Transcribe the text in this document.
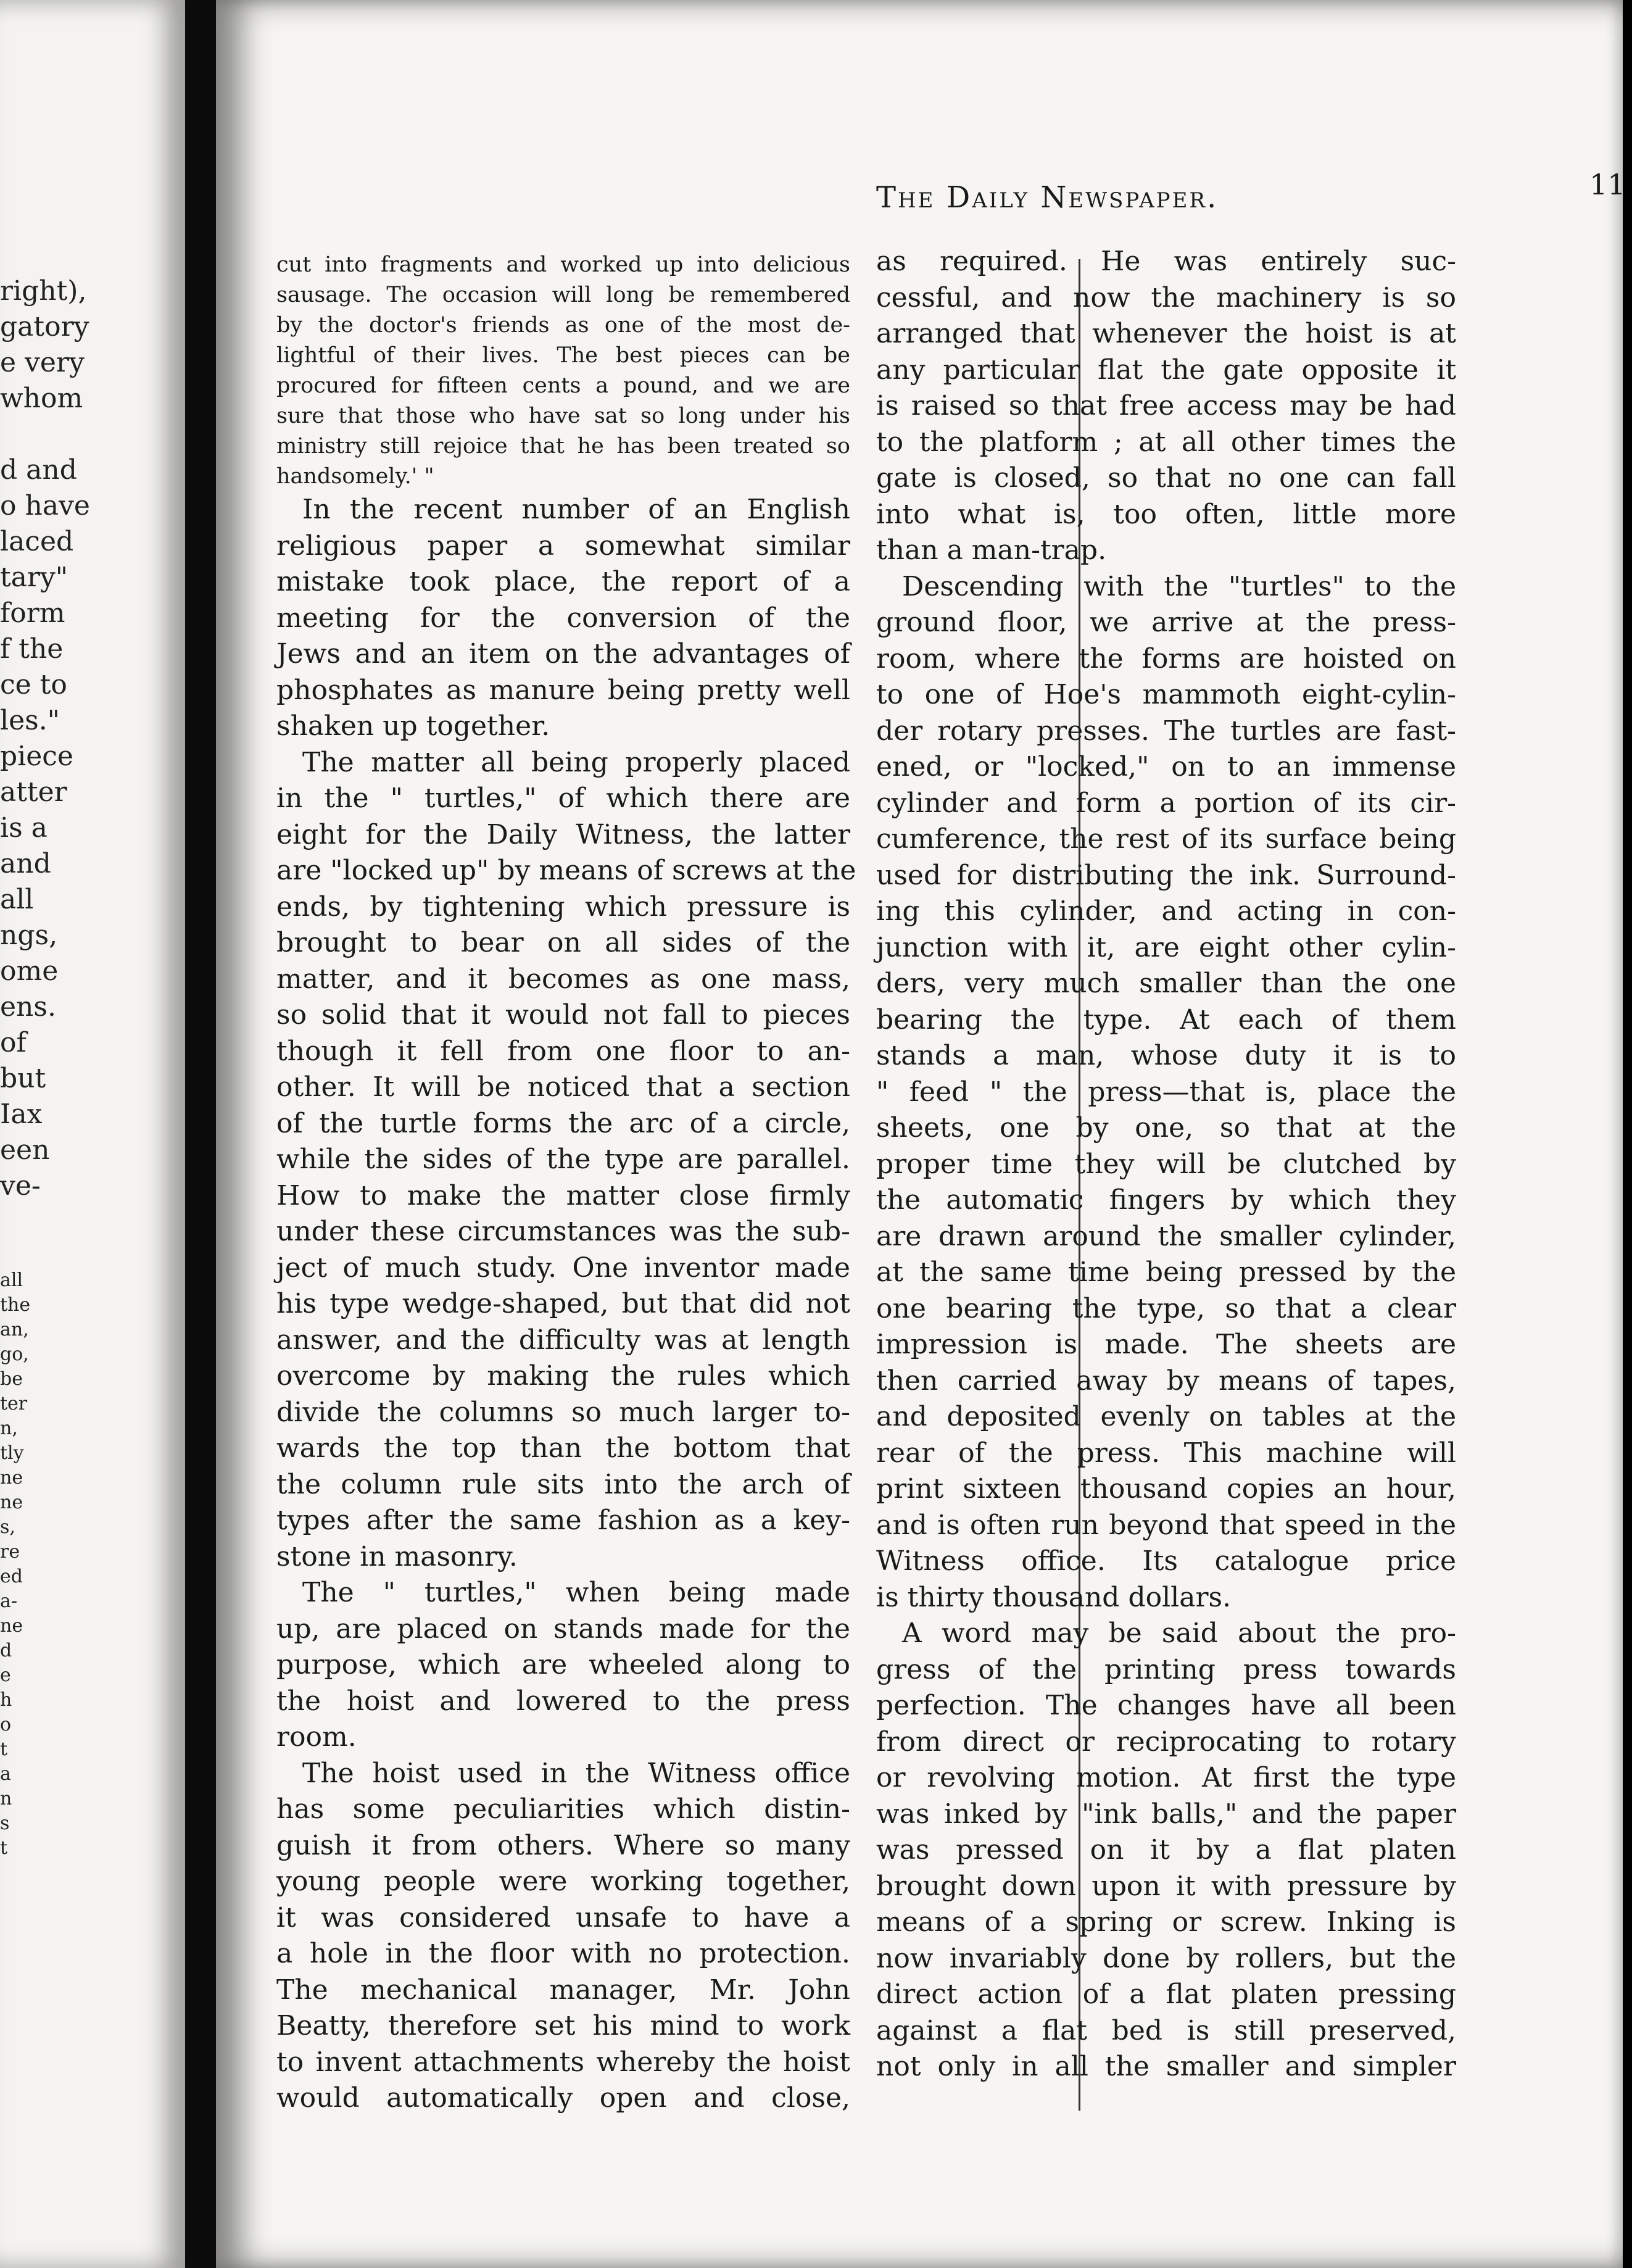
right),
gatory
e very
whom
d and
o have
laced
tary"
form
f the
ce to
les."
piece
atter
is a
and
all
ngs,
ome
ens.
of
but
Iax
een
ve-
all
the
an,
go,
be
ter
n,
tly
ne
ne
s,
re
ed
a-
ne
d
e
h
o
t
a
n
s
t
The Daily Newspaper.	11
cut into fragments and worked up into delicious
sausage. The occasion will long be remembered
by the doctor's friends as one of the most de-
lightful of their lives. The best pieces can be
procured for fifteen cents a pound, and we are
sure that those who have sat so long under his
ministry still rejoice that he has been treated so
handsomely.' "
In the recent number of an English
religious paper a somewhat similar
mistake took place, the report of a
meeting for the conversion of the
Jews and an item on the advantages of
phosphates as manure being pretty well
shaken up together.
The matter all being properly placed
in the " turtles," of which there are
eight for the Daily Witness, the latter
are "locked up" by means of screws at the
ends, by tightening which pressure is
brought to bear on all sides of the
matter, and it becomes as one mass,
so solid that it would not fall to pieces
though it fell from one floor to an-
other. It will be noticed that a section
of the turtle forms the arc of a circle,
while the sides of the type are parallel.
How to make the matter close firmly
under these circumstances was the sub-
ject of much study. One inventor made
his type wedge-shaped, but that did not
answer, and the difficulty was at length
overcome by making the rules which
divide the columns so much larger to-
wards the top than the bottom that
the column rule sits into the arch of
types after the same fashion as a key-
stone in masonry.
The " turtles," when being made
up, are placed on stands made for the
purpose, which are wheeled along to
the hoist and lowered to the press
room.
The hoist used in the Witness office
has some peculiarities which distin-
guish it from others. Where so many
young people were working together,
it was considered unsafe to have a
a hole in the floor with no protection.
The mechanical manager, Mr. John
Beatty, therefore set his mind to work
to invent attachments whereby the hoist
would automatically open and close,
as required. He was entirely suc-
cessful, and now the machinery is so
arranged that whenever the hoist is at
any particular flat the gate opposite it
is raised so that free access may be had
to the platform ; at all other times the
gate is closed, so that no one can fall
into what is, too often, little more
than a man-trap.
Descending with the "turtles" to the
ground floor, we arrive at the press-
room, where the forms are hoisted on
to one of Hoe's mammoth eight-cylin-
der rotary presses. The turtles are fast-
ened, or "locked," on to an immense
cylinder and form a portion of its cir-
cumference, the rest of its surface being
used for distributing the ink. Surround-
ing this cylinder, and acting in con-
junction with it, are eight other cylin-
ders, very much smaller than the one
bearing the type. At each of them
stands a man, whose duty it is to
" feed " the press—that is, place the
sheets, one by one, so that at the
proper time they will be clutched by
the automatic fingers by which they
are drawn around the smaller cylinder,
at the same time being pressed by the
one bearing the type, so that a clear
impression is made. The sheets are
then carried away by means of tapes,
and deposited evenly on tables at the
rear of the press. This machine will
print sixteen thousand copies an hour,
and is often run beyond that speed in the
Witness office. Its catalogue price
is thirty thousand dollars.
A word may be said about the pro-
gress of the printing press towards
perfection. The changes have all been
from direct or reciprocating to rotary
or revolving motion. At first the type
was inked by "ink balls," and the paper
was pressed on it by a flat platen
brought down upon it with pressure by
means of a spring or screw. Inking is
now invariably done by rollers, but the
direct action of a flat platen pressing
against a flat bed is still preserved,
not only in all the smaller and simpler
